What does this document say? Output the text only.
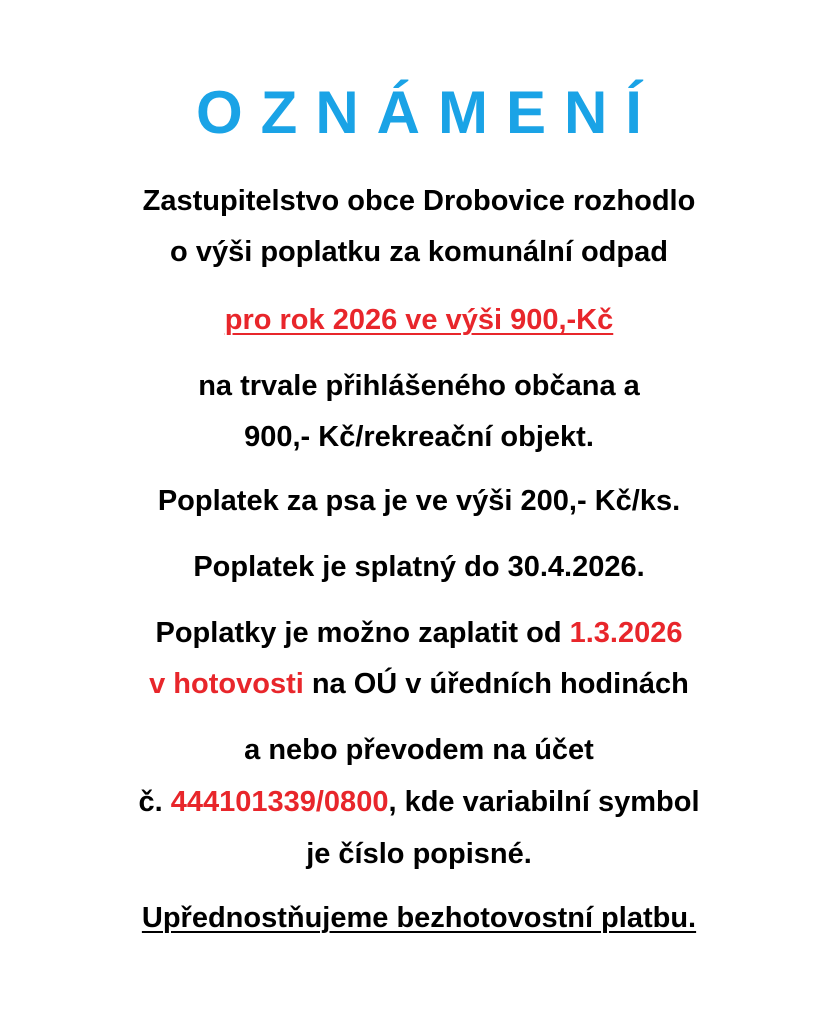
OZNÁMENÍ
Zastupitelstvo obce Drobovice rozhodlo
o výši poplatku za komunální odpad
pro rok 2026 ve výši 900,-Kč
na trvale přihlášeného občana a
900,- Kč/rekreační objekt.
Poplatek za psa je ve výši 200,- Kč/ks.
Poplatek je splatný do 30.4.2026.
Poplatky je možno zaplatit od 1.3.2026
v hotovosti na OÚ v úředních hodinách
a nebo převodem na účet
č. 444101339/0800, kde variabilní symbol
je číslo popisné.
Upřednostňujeme bezhotovostní platbu.
